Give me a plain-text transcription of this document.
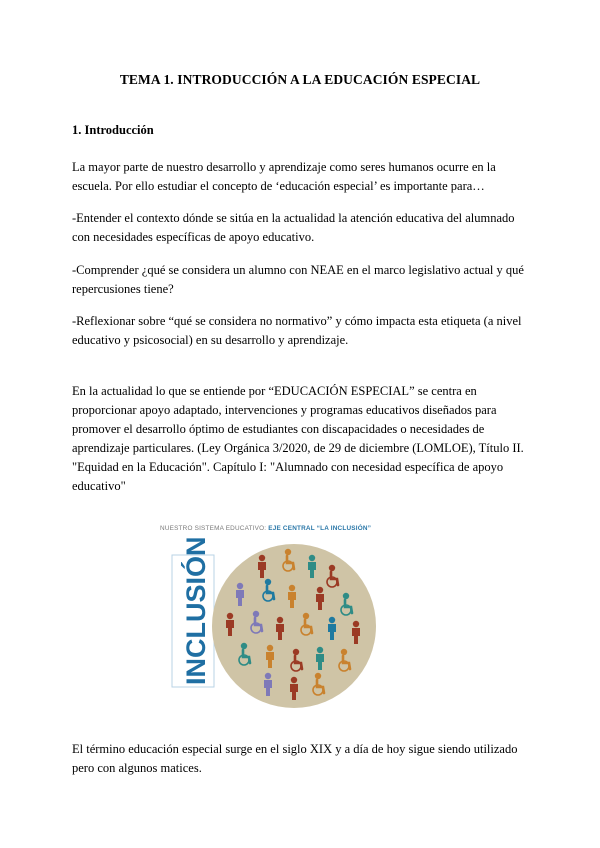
TEMA 1. INTRODUCCIÓN A LA EDUCACIÓN ESPECIAL
1. Introducción
La mayor parte de nuestro desarrollo y aprendizaje como seres humanos ocurre en la escuela. Por ello estudiar el concepto de ‘educación especial’ es importante para…
-Entender el contexto dónde se sitúa en la actualidad la atención educativa del alumnado con necesidades específicas de apoyo educativo.
-Comprender ¿qué se considera un alumno con NEAE en el marco legislativo actual y qué repercusiones tiene?
-Reflexionar sobre “qué se considera no normativo” y cómo impacta esta etiqueta (a nivel educativo y psicosocial) en su desarrollo y aprendizaje.
En la actualidad lo que se entiende por “EDUCACIÓN ESPECIAL” se centra en proporcionar apoyo adaptado, intervenciones y programas educativos diseñados para promover el desarrollo óptimo de estudiantes con discapacidades o necesidades de aprendizaje particulares. (Ley Orgánica 3/2020, de 29 de diciembre (LOMLOE), Título II. "Equidad en la Educación". Capítulo I: "Alumnado con necesidad específica de apoyo educativo"
NUESTRO SISTEMA EDUCATIVO: EJE CENTRAL “LA INCLUSIÓN”
INCLUSIÓN
El término educación especial surge en el siglo XIX y a día de hoy sigue siendo utilizado pero con algunos matices.
